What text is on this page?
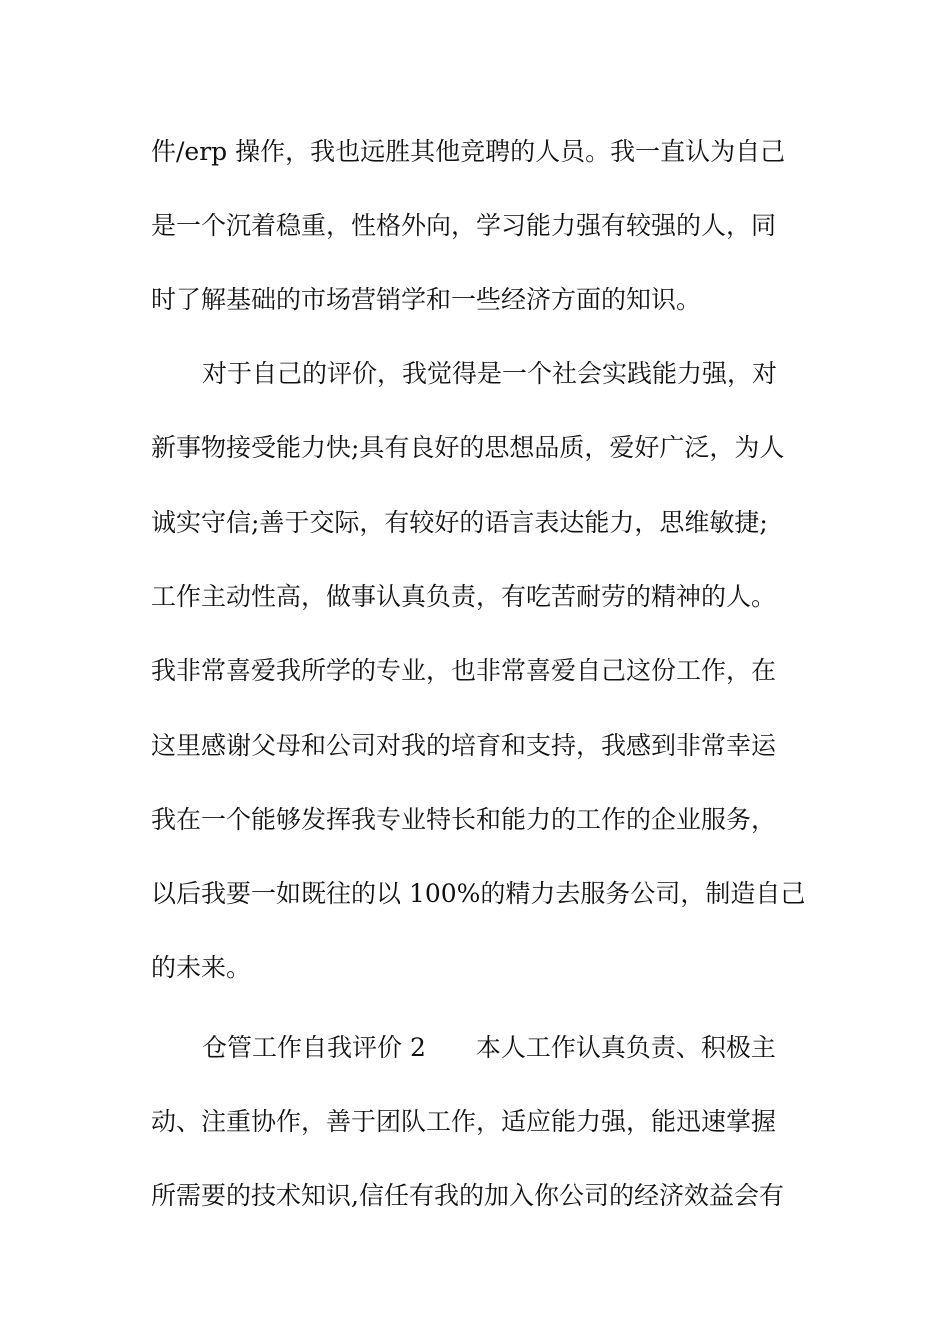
件/erp 操作，我也远胜其他竞聘的人员。我一直认为自己
是一个沉着稳重，性格外向，学习能力强有较强的人，同
时了解基础的市场营销学和一些经济方面的知识。
对于自己的评价，我觉得是一个社会实践能力强，对
新事物接受能力快;具有良好的思想品质，爱好广泛，为人
诚实守信;善于交际，有较好的语言表达能力，思维敏捷;
工作主动性高，做事认真负责，有吃苦耐劳的精神的人。
我非常喜爱我所学的专业，也非常喜爱自己这份工作，在
这里感谢父母和公司对我的培育和支持，我感到非常幸运
我在一个能够发挥我专业特长和能力的工作的企业服务，
以后我要一如既往的以 100%的精力去服务公司，制造自己
的未来。
仓管工作自我评价 2　　本人工作认真负责、积极主
动、注重协作，善于团队工作，适应能力强，能迅速掌握
所需要的技术知识,信任有我的加入你公司的经济效益会有
